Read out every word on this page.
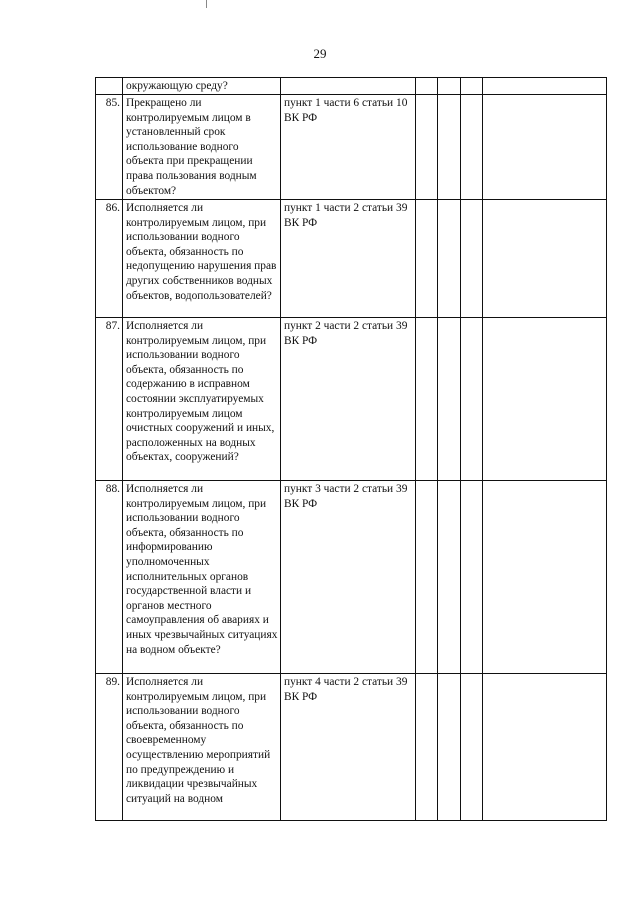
29
	окружающую среду?					
85.	Прекращено ли контролируемым лицом в установленный срок использование водного объекта при прекращении права пользования водным объектом?	пункт 1 части 6 статьи 10 ВК РФ				
86.	Исполняется ли контролируемым лицом, при использовании водного объекта, обязанность по недопущению нарушения прав других собственников водных объектов, водопользователей?	пункт 1 части 2 статьи 39 ВК РФ				
87.	Исполняется ли контролируемым лицом, при использовании водного объекта, обязанность по содержанию в исправном состоянии эксплуатируемых контролируемым лицом очистных сооружений и иных, расположенных на водных объектах, сооружений?	пункт 2 части 2 статьи 39 ВК РФ				
88.	Исполняется ли контролируемым лицом, при использовании водного объекта, обязанность по информированию уполномоченных исполнительных органов государственной власти и органов местного самоуправления об авариях и иных чрезвычайных ситуациях на водном объекте?	пункт 3 части 2 статьи 39 ВК РФ				
89.	Исполняется ли контролируемым лицом, при использовании водного объекта, обязанность по своевременному осуществлению мероприятий по предупреждению и ликвидации чрезвычайных ситуаций на водном	пункт 4 части 2 статьи 39 ВК РФ				
